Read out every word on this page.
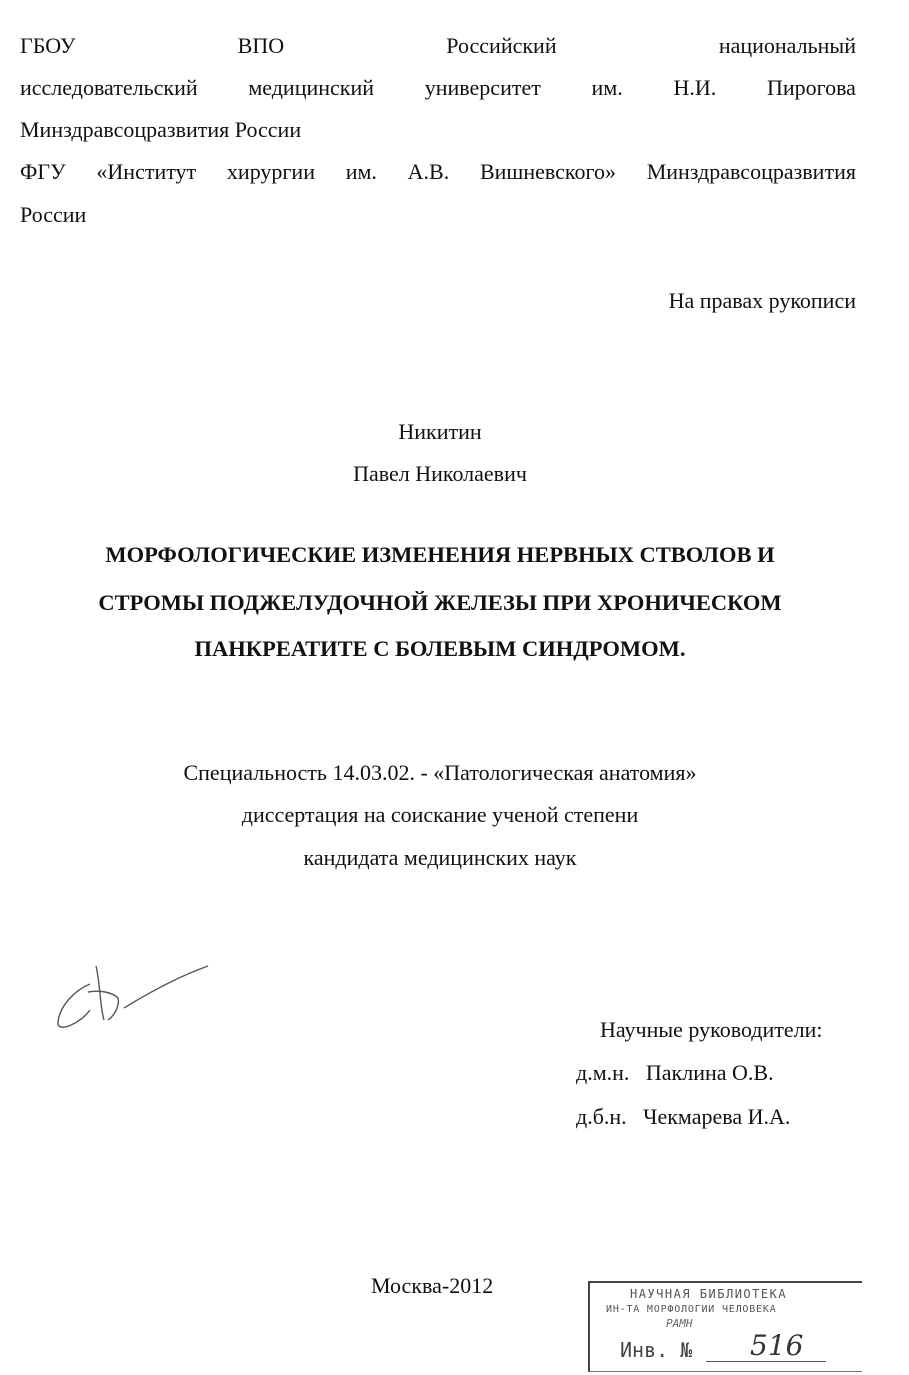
ГБОУ	ВПО	Российский	национальный
исследовательский медицинский университет им. Н.И. Пирогова
Минздравсоцразвития России
ФГУ «Институт хирургии им. А.В. Вишневского» Минздравсоцразвития
России
На правах рукописи
Никитин
Павел Николаевич
МОРФОЛОГИЧЕСКИЕ ИЗМЕНЕНИЯ НЕРВНЫХ СТВОЛОВ И
СТРОМЫ ПОДЖЕЛУДОЧНОЙ ЖЕЛЕЗЫ ПРИ ХРОНИЧЕСКОМ
ПАНКРЕАТИТЕ С БОЛЕВЫМ СИНДРОМОМ.
Специальность 14.03.02. - «Патологическая анатомия»
диссертация на соискание ученой степени
кандидата медицинских наук
Научные руководители:
д.м.н. Паклина О.В.
д.б.н. Чекмарева И.А.
Москва-2012	НАУЧНАЯ БИБЛИОТЕКА
ИН-ТА МОРФОЛОГИИ ЧЕЛОВЕКА
РАМН
Инв. № 516
